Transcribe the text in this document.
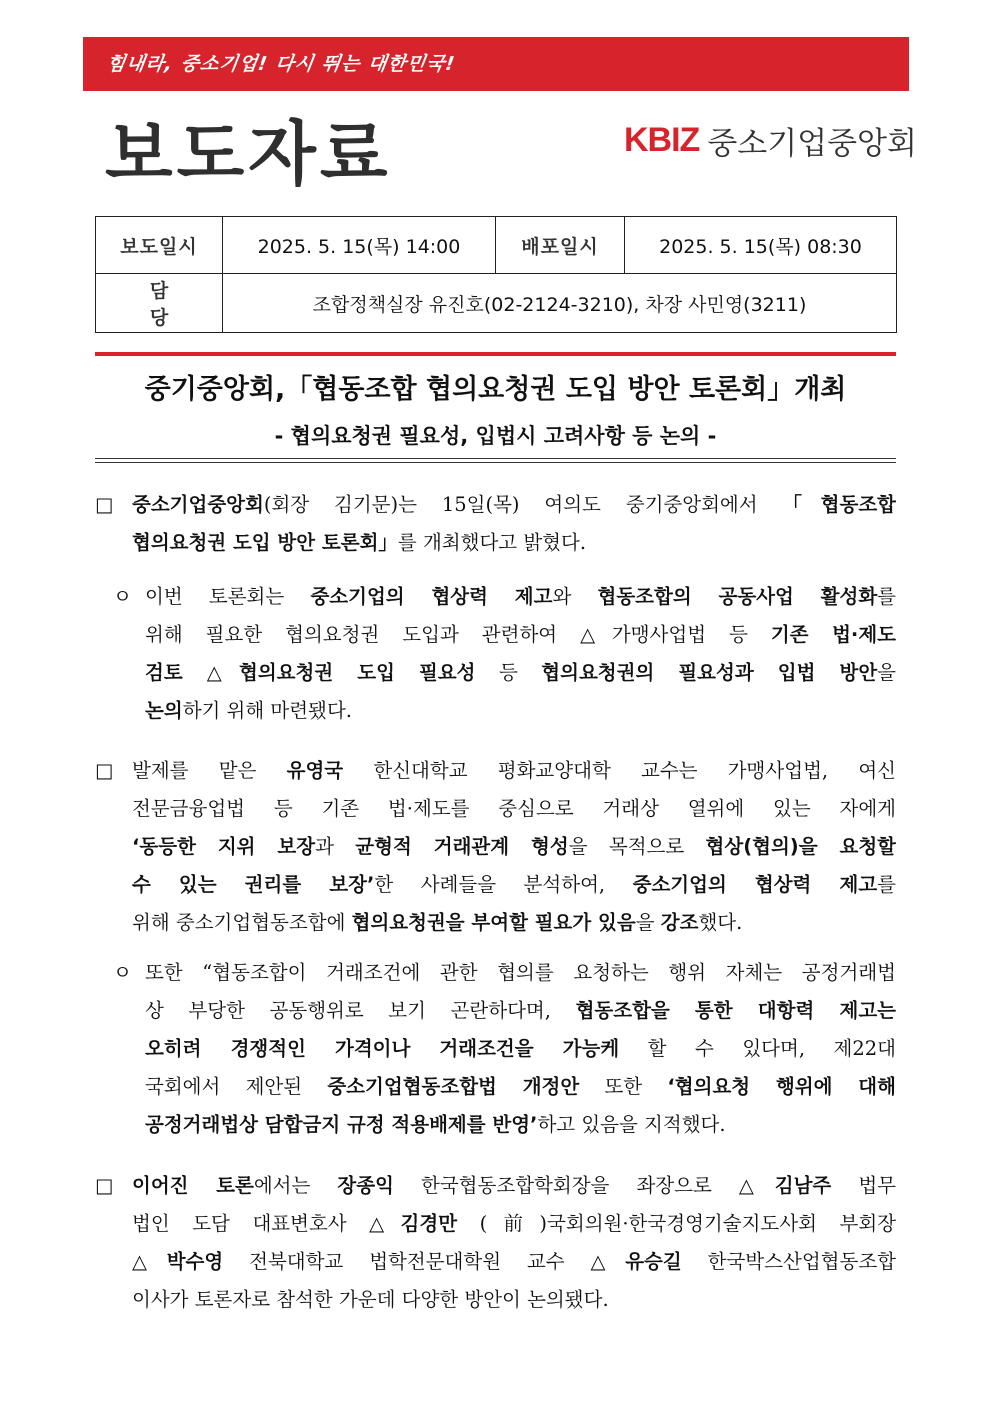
힘내라, 중소기업! 다시 뛰는 대한민국!
보도자료	KBIZ 중소기업중앙회
보도일시	2025. 5. 15(목) 14:00	배포일시	2025. 5. 15(목) 08:30
담당	조합정책실장 유진호(02-2124-3210), 차장 사민영(3211)		
중기중앙회,「협동조합 협의요청권 도입 방안 토론회」개최
- 협의요청권 필요성, 입법시 고려사항 등 논의 -
□ 중소기업중앙회(회장 김기문)는 15일(목) 여의도 중기중앙회에서 「협동조합
협의요청권 도입 방안 토론회」를 개최했다고 밝혔다.
ㅇ 이번 토론회는 중소기업의 협상력 제고와 협동조합의 공동사업 활성화를
위해 필요한 협의요청권 도입과 관련하여 △가맹사업법 등 기존 법·제도
검토 △협의요청권 도입 필요성 등 협의요청권의 필요성과 입법 방안을
논의하기 위해 마련됐다.
□ 발제를 맡은 유영국 한신대학교 평화교양대학 교수는 가맹사업법, 여신
전문금융업법 등 기존 법·제도를 중심으로 거래상 열위에 있는 자에게
‘동등한 지위 보장과 균형적 거래관계 형성을 목적으로 협상(협의)을 요청할
수 있는 권리를 보장’한 사례들을 분석하여, 중소기업의 협상력 제고를
위해 중소기업협동조합에 협의요청권을 부여할 필요가 있음을 강조했다.
ㅇ 또한 “협동조합이 거래조건에 관한 협의를 요청하는 행위 자체는 공정거래법
상 부당한 공동행위로 보기 곤란하다며, 협동조합을 통한 대항력 제고는
오히려 경쟁적인 가격이나 거래조건을 가능케 할 수 있다며, 제22대
국회에서 제안된 중소기업협동조합법 개정안 또한 ‘협의요청 행위에 대해
공정거래법상 담합금지 규정 적용배제를 반영’하고 있음을 지적했다.
□ 이어진 토론에서는 장종익 한국협동조합학회장을 좌장으로 △김남주 법무
법인 도담 대표변호사 △김경만 (前)국회의원·한국경영기술지도사회 부회장
△박수영 전북대학교 법학전문대학원 교수 △유승길 한국박스산업협동조합
이사가 토론자로 참석한 가운데 다양한 방안이 논의됐다.
